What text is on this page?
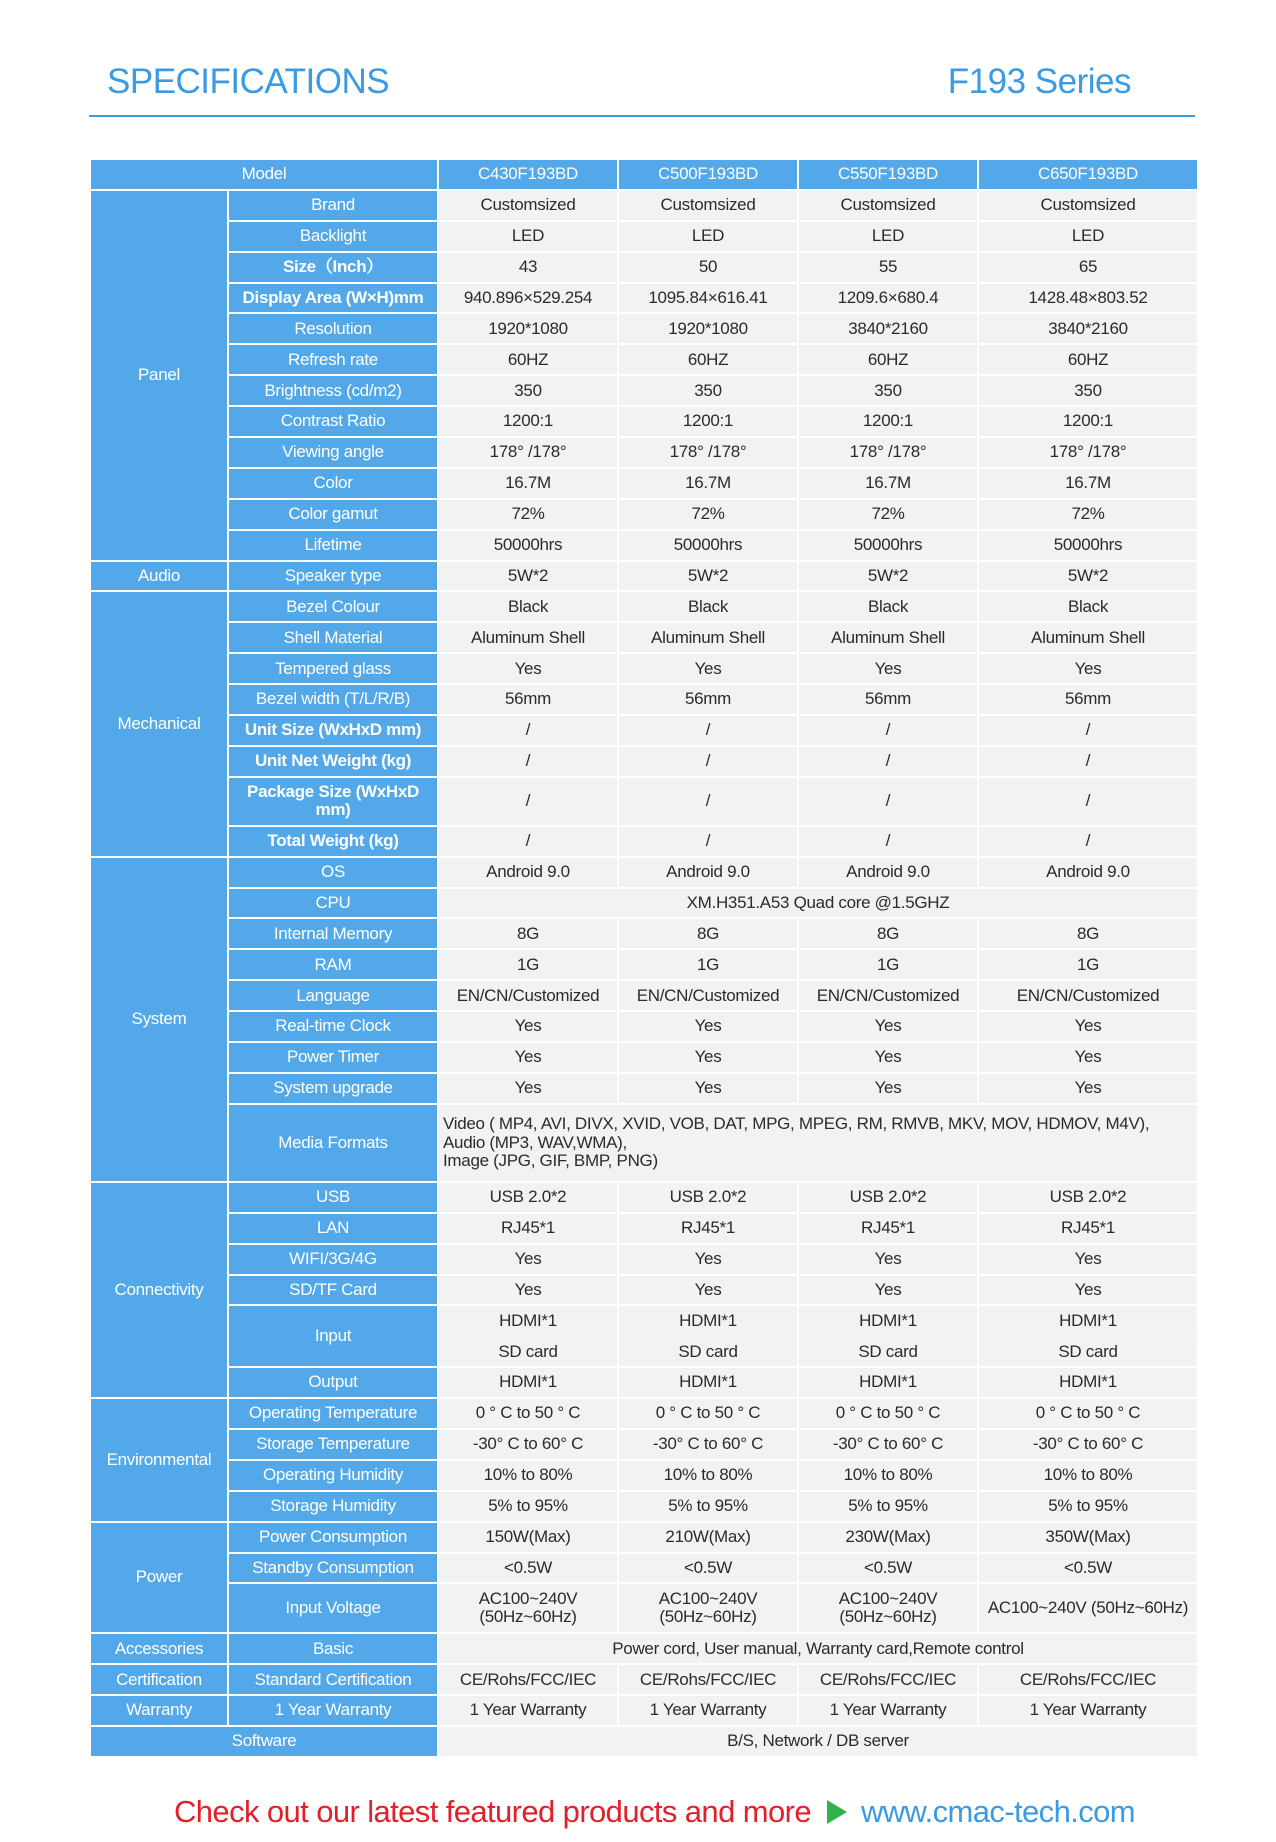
SPECIFICATIONS	F193 Series
Model		C430F193BD	C500F193BD	C550F193BD	C650F193BD
Panel	Brand	Customsized	Customsized	Customsized	Customsized
	Backlight	LED	LED	LED	LED
	Size（Inch）	43	50	55	65
	Display Area (W×H)mm	940.896×529.254	1095.84×616.41	1209.6×680.4	1428.48×803.52
	Resolution	1920*1080	1920*1080	3840*2160	3840*2160
	Refresh rate	60HZ	60HZ	60HZ	60HZ
	Brightness (cd/m2)	350	350	350	350
	Contrast Ratio	1200:1	1200:1	1200:1	1200:1
	Viewing angle	178° /178°	178° /178°	178° /178°	178° /178°
	Color	16.7M	16.7M	16.7M	16.7M
	Color gamut	72%	72%	72%	72%
	Lifetime	50000hrs	50000hrs	50000hrs	50000hrs
Audio	Speaker type	5W*2	5W*2	5W*2	5W*2
Mechanical	Bezel Colour	Black	Black	Black	Black
	Shell Material	Aluminum Shell	Aluminum Shell	Aluminum Shell	Aluminum Shell
	Tempered glass	Yes	Yes	Yes	Yes
	Bezel width (T/L/R/B)	56mm	56mm	56mm	56mm
	Unit Size (WxHxD mm)	/	/	/	/
	Unit Net Weight (kg)	/	/	/	/
	Package Size (WxHxD mm)	/	/	/	/
	Total Weight (kg)	/	/	/	/
System	OS	Android 9.0	Android 9.0	Android 9.0	Android 9.0
	CPU	XM.H351.A53 Quad core @1.5GHZ			
	Internal Memory	8G	8G	8G	8G
	RAM	1G	1G	1G	1G
	Language	EN/CN/Customized	EN/CN/Customized	EN/CN/Customized	EN/CN/Customized
	Real-time Clock	Yes	Yes	Yes	Yes
	Power Timer	Yes	Yes	Yes	Yes
	System upgrade	Yes	Yes	Yes	Yes
	Media Formats	Video ( MP4, AVI, DIVX, XVID, VOB, DAT, MPG, MPEG, RM, RMVB, MKV, MOV, HDMOV, M4V),
Audio (MP3, WAV,WMA),
Image (JPG, GIF, BMP, PNG)			

Connectivity	USB	USB 2.0*2	USB 2.0*2	USB 2.0*2	USB 2.0*2
	LAN	RJ45*1	RJ45*1	RJ45*1	RJ45*1
	WIFI/3G/4G	Yes	Yes	Yes	Yes
	SD/TF Card	Yes	Yes	Yes	Yes
	Input	HDMI*1	HDMI*1	HDMI*1	HDMI*1
		SD card	SD card	SD card	SD card
	Output	HDMI*1	HDMI*1	HDMI*1	HDMI*1
Environmental	Operating Temperature	0 ° C to 50 ° C	0 ° C to 50 ° C	0 ° C to 50 ° C	0 ° C to 50 ° C
	Storage Temperature	-30° C to 60° C	-30° C to 60° C	-30° C to 60° C	-30° C to 60° C
	Operating Humidity	10% to 80%	10% to 80%	10% to 80%	10% to 80%
	Storage Humidity	5% to 95%	5% to 95%	5% to 95%	5% to 95%
Power	Power Consumption	150W(Max)	210W(Max)	230W(Max)	350W(Max)
	Standby Consumption	<0.5W	<0.5W	<0.5W	<0.5W
	Input Voltage	AC100~240V (50Hz~60Hz)	AC100~240V (50Hz~60Hz)	AC100~240V (50Hz~60Hz)	AC100~240V (50Hz~60Hz)
Accessories	Basic	Power cord, User manual, Warranty card,Remote control			
Certification	Standard Certification	CE/Rohs/FCC/IEC	CE/Rohs/FCC/IEC	CE/Rohs/FCC/IEC	CE/Rohs/FCC/IEC
Warranty	1 Year Warranty	1 Year Warranty	1 Year Warranty	1 Year Warranty	1 Year Warranty
Software		B/S, Network / DB server			
Check out our latest featured products and more www.cmac-tech.com
